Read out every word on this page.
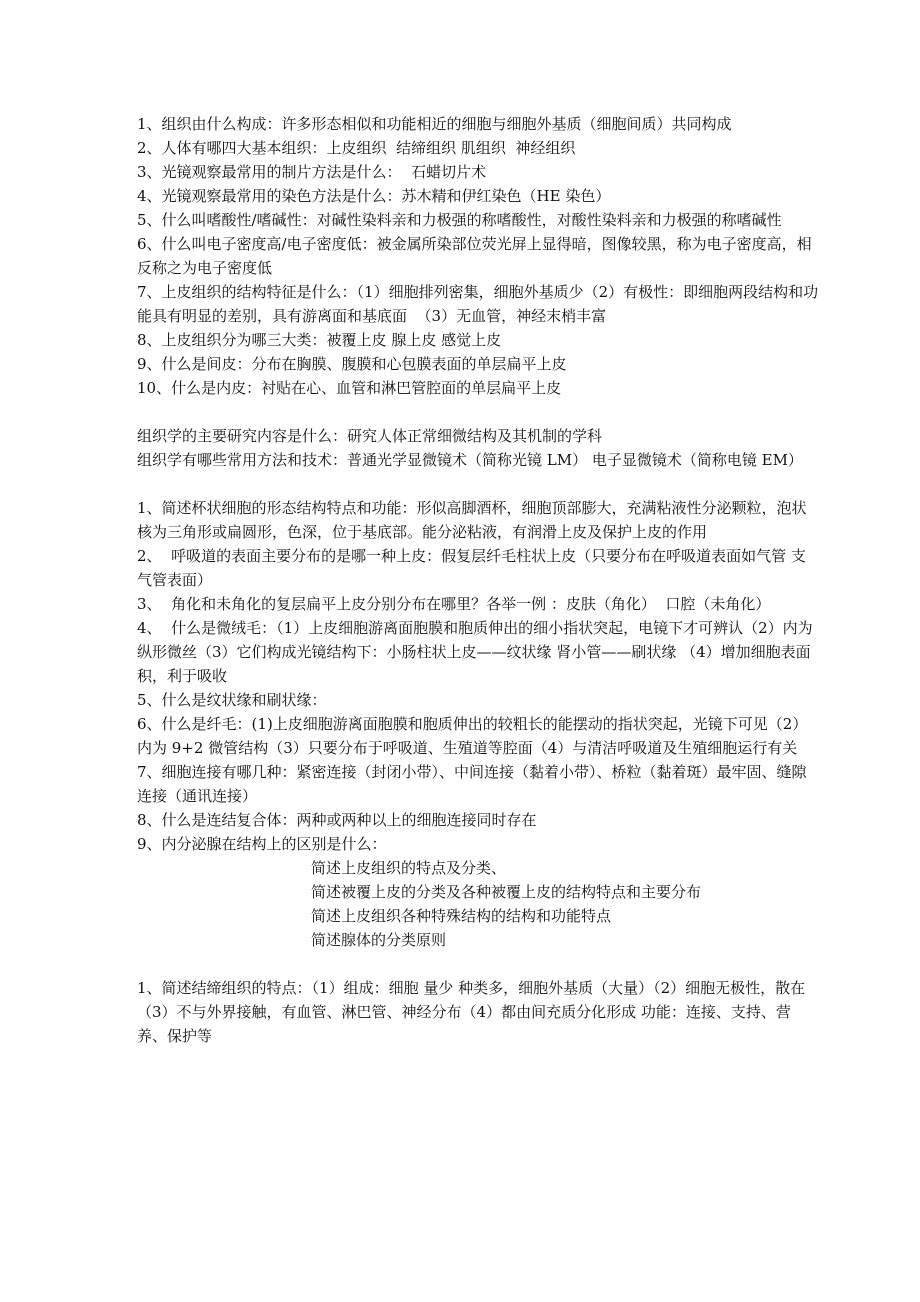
1、组织由什么构成：许多形态相似和功能相近的细胞与细胞外基质（细胞间质）共同构成

2、人体有哪四大基本组织：上皮组织  结缔组织 肌组织  神经组织

3、光镜观察最常用的制片方法是什么：  石蜡切片术

4、光镜观察最常用的染色方法是什么：苏木精和伊红染色（HE 染色）

5、什么叫嗜酸性/嗜碱性：对碱性染料亲和力极强的称嗜酸性，对酸性染料亲和力极强的称嗜碱性

6、什么叫电子密度高/电子密度低：被金属所染部位荧光屏上显得暗，图像较黑，称为电子密度高，相反称之为电子密度低

7、上皮组织的结构特征是什么：（1）细胞排列密集，细胞外基质少（2）有极性：即细胞两段结构和功能具有明显的差别，具有游离面和基底面  （3）无血管，神经末梢丰富

8、上皮组织分为哪三大类：被覆上皮 腺上皮 感觉上皮

9、什么是间皮：分布在胸膜、腹膜和心包膜表面的单层扁平上皮

10、什么是内皮：衬贴在心、血管和淋巴管腔面的单层扁平上皮

组织学的主要研究内容是什么：研究人体正常细微结构及其机制的学科

组织学有哪些常用方法和技术：普通光学显微镜术（简称光镜 LM） 电子显微镜术（简称电镜 EM）

1、简述杯状细胞的形态结构特点和功能：形似高脚酒杯，细胞顶部膨大，充满粘液性分泌颗粒，泡状 核为三角形或扁圆形，色深，位于基底部。能分泌粘液，有润滑上皮及保护上皮的作用

2、  呼吸道的表面主要分布的是哪一种上皮：假复层纤毛柱状上皮（只要分布在呼吸道表面如气管 支气管表面）

3、  角化和未角化的复层扁平上皮分别分布在哪里？各举一例 ：皮肤（角化）  口腔（未角化）

4、  什么是微绒毛：（1）上皮细胞游离面胞膜和胞质伸出的细小指状突起，电镜下才可辨认（2）内为纵形微丝（3）它们构成光镜结构下：小肠柱状上皮——纹状缘 肾小管——刷状缘 （4）增加细胞表面积，利于吸收

5、什么是纹状缘和刷状缘：

6、什么是纤毛：(1)上皮细胞游离面胞膜和胞质伸出的较粗长的能摆动的指状突起，光镜下可见（2）内为 9+2 微管结构（3）只要分布于呼吸道、生殖道等腔面（4）与清洁呼吸道及生殖细胞运行有关

7、细胞连接有哪几种：紧密连接（封闭小带）、中间连接（黏着小带）、桥粒（黏着斑）最牢固、缝隙连接（通讯连接）

8、什么是连结复合体：两种或两种以上的细胞连接同时存在

9、内分泌腺在结构上的区别是什么：

简述上皮组织的特点及分类、

简述被覆上皮的分类及各种被覆上皮的结构特点和主要分布

简述上皮组织各种特殊结构的结构和功能特点

简述腺体的分类原则

1、简述结缔组织的特点：（1）组成：细胞 量少 种类多，细胞外基质（大量）（2）细胞无极性，散在（3）不与外界接触，有血管、淋巴管、神经分布（4）都由间充质分化形成 功能：连接、支持、营养、保护等
